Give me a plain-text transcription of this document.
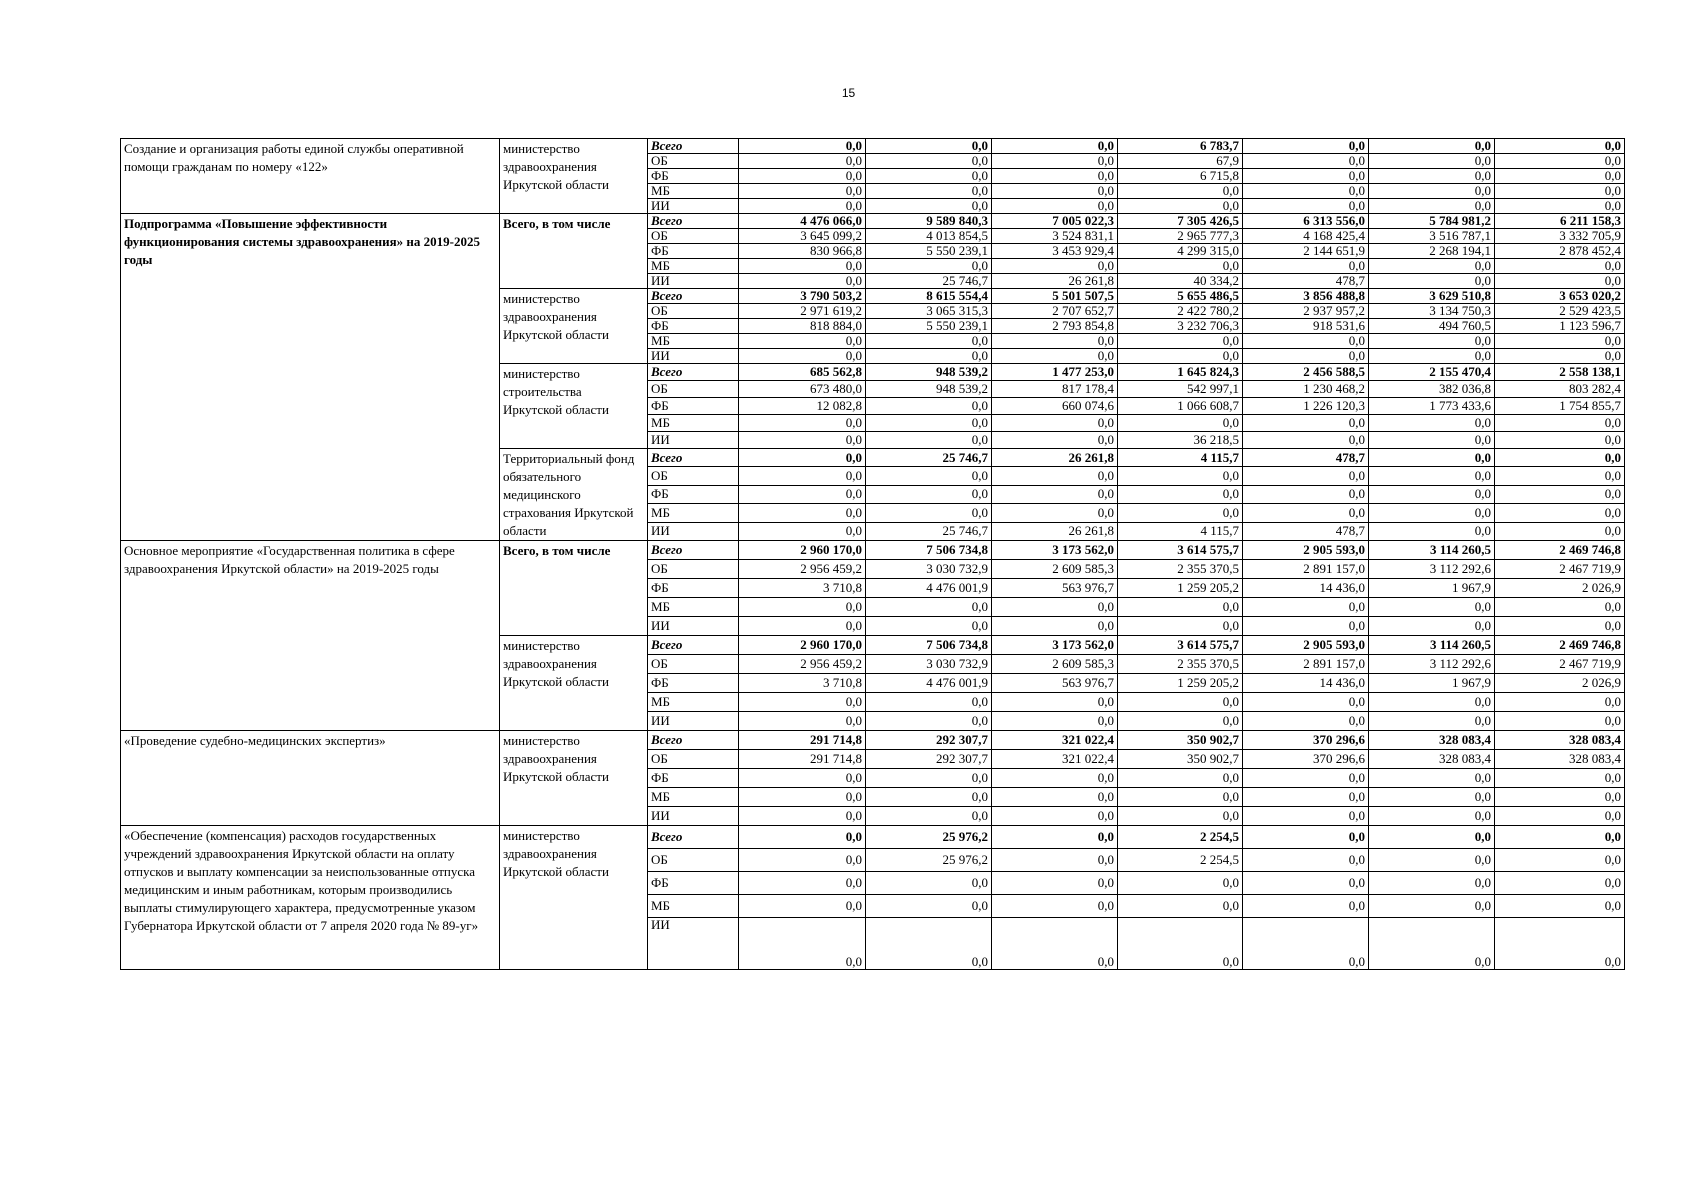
15
Создание и организация работы единой службы оперативной помощи гражданам по номеру «122»	министерство здравоохранения Иркутской области	Всего	0,0	0,0	0,0	6 783,7	0,0	0,0	0,0
		ОБ	0,0	0,0	0,0	67,9	0,0	0,0	0,0
		ФБ	0,0	0,0	0,0	6 715,8	0,0	0,0	0,0
		МБ	0,0	0,0	0,0	0,0	0,0	0,0	0,0
		ИИ	0,0	0,0	0,0	0,0	0,0	0,0	0,0
Подпрограмма «Повышение эффективности функционирования системы здравоохранения» на 2019-2025 годы	Всего, в том числе	Всего	4 476 066,0	9 589 840,3	7 005 022,3	7 305 426,5	6 313 556,0	5 784 981,2	6 211 158,3
		ОБ	3 645 099,2	4 013 854,5	3 524 831,1	2 965 777,3	4 168 425,4	3 516 787,1	3 332 705,9
		ФБ	830 966,8	5 550 239,1	3 453 929,4	4 299 315,0	2 144 651,9	2 268 194,1	2 878 452,4
		МБ	0,0	0,0	0,0	0,0	0,0	0,0	0,0
		ИИ	0,0	25 746,7	26 261,8	40 334,2	478,7	0,0	0,0
	министерство здравоохранения Иркутской области	Всего	3 790 503,2	8 615 554,4	5 501 507,5	5 655 486,5	3 856 488,8	3 629 510,8	3 653 020,2
		ОБ	2 971 619,2	3 065 315,3	2 707 652,7	2 422 780,2	2 937 957,2	3 134 750,3	2 529 423,5
		ФБ	818 884,0	5 550 239,1	2 793 854,8	3 232 706,3	918 531,6	494 760,5	1 123 596,7
		МБ	0,0	0,0	0,0	0,0	0,0	0,0	0,0
		ИИ	0,0	0,0	0,0	0,0	0,0	0,0	0,0
	министерство строительства Иркутской области	Всего	685 562,8	948 539,2	1 477 253,0	1 645 824,3	2 456 588,5	2 155 470,4	2 558 138,1
		ОБ	673 480,0	948 539,2	817 178,4	542 997,1	1 230 468,2	382 036,8	803 282,4
		ФБ	12 082,8	0,0	660 074,6	1 066 608,7	1 226 120,3	1 773 433,6	1 754 855,7
		МБ	0,0	0,0	0,0	0,0	0,0	0,0	0,0
		ИИ	0,0	0,0	0,0	36 218,5	0,0	0,0	0,0
	Территориальный фонд обязательного медицинского страхования Иркутской области	Всего	0,0	25 746,7	26 261,8	4 115,7	478,7	0,0	0,0
		ОБ	0,0	0,0	0,0	0,0	0,0	0,0	0,0
		ФБ	0,0	0,0	0,0	0,0	0,0	0,0	0,0
		МБ	0,0	0,0	0,0	0,0	0,0	0,0	0,0
		ИИ	0,0	25 746,7	26 261,8	4 115,7	478,7	0,0	0,0
Основное мероприятие «Государственная политика в сфере здравоохранения Иркутской области» на 2019-2025 годы	Всего, в том числе	Всего	2 960 170,0	7 506 734,8	3 173 562,0	3 614 575,7	2 905 593,0	3 114 260,5	2 469 746,8
		ОБ	2 956 459,2	3 030 732,9	2 609 585,3	2 355 370,5	2 891 157,0	3 112 292,6	2 467 719,9
		ФБ	3 710,8	4 476 001,9	563 976,7	1 259 205,2	14 436,0	1 967,9	2 026,9
		МБ	0,0	0,0	0,0	0,0	0,0	0,0	0,0
		ИИ	0,0	0,0	0,0	0,0	0,0	0,0	0,0
	министерство здравоохранения Иркутской области	Всего	2 960 170,0	7 506 734,8	3 173 562,0	3 614 575,7	2 905 593,0	3 114 260,5	2 469 746,8
		ОБ	2 956 459,2	3 030 732,9	2 609 585,3	2 355 370,5	2 891 157,0	3 112 292,6	2 467 719,9
		ФБ	3 710,8	4 476 001,9	563 976,7	1 259 205,2	14 436,0	1 967,9	2 026,9
		МБ	0,0	0,0	0,0	0,0	0,0	0,0	0,0
		ИИ	0,0	0,0	0,0	0,0	0,0	0,0	0,0
«Проведение судебно-медицинских экспертиз»	министерство здравоохранения Иркутской области	Всего	291 714,8	292 307,7	321 022,4	350 902,7	370 296,6	328 083,4	328 083,4
		ОБ	291 714,8	292 307,7	321 022,4	350 902,7	370 296,6	328 083,4	328 083,4
		ФБ	0,0	0,0	0,0	0,0	0,0	0,0	0,0
		МБ	0,0	0,0	0,0	0,0	0,0	0,0	0,0
		ИИ	0,0	0,0	0,0	0,0	0,0	0,0	0,0
«Обеспечение (компенсация) расходов государственных учреждений здравоохранения Иркутской области на оплату отпусков и выплату компенсации за неиспользованные отпуска медицинским и иным работникам, которым производились выплаты стимулирующего характера, предусмотренные указом Губернатора Иркутской области от 7 апреля 2020 года № 89-уг»	министерство здравоохранения Иркутской области	Всего	0,0	25 976,2	0,0	2 254,5	0,0	0,0	0,0
		ОБ	0,0	25 976,2	0,0	2 254,5	0,0	0,0	0,0
		ФБ	0,0	0,0	0,0	0,0	0,0	0,0	0,0
		МБ	0,0	0,0	0,0	0,0	0,0	0,0	0,0
		ИИ	0,0	0,0	0,0	0,0	0,0	0,0	0,0
